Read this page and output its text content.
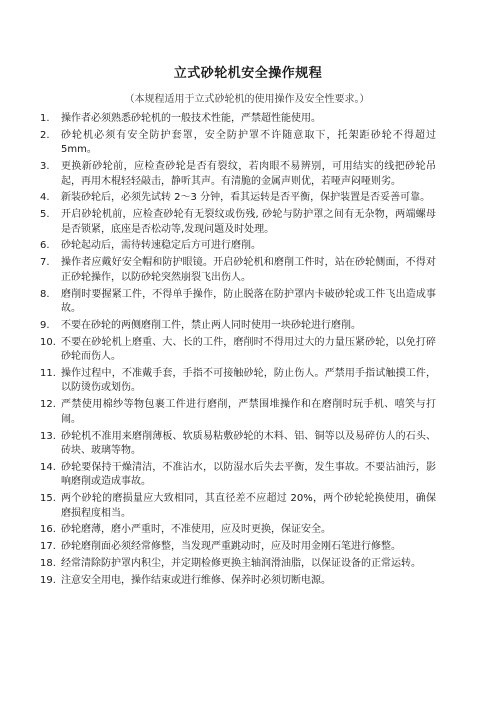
立式砂轮机安全操作规程
（本规程适用于立式砂轮机的使用操作及安全性要求。）
1.	操作者必须熟悉砂轮机的一般技术性能，严禁超性能使用。
2.	砂轮机必须有安全防护套罩，安全防护罩不许随意取下，托架距砂轮不得超过 5mm。
3.	更换新砂轮前，应检查砂轮是否有裂纹，若肉眼不易辨别，可用结实的线把砂轮吊起，再用木棍轻轻敲击，静听其声。有清脆的金属声则优，若哑声闷哑则劣。
4.	新装砂轮后，必须先试转 2～3 分钟，看其运转是否平衡，保护装置是否妥善可靠。
5.	开启砂轮机前，应检查砂轮有无裂纹或伤残, 砂轮与防护罩之间有无杂物，两端螺母是否锁紧，底座是否松动等,发现问题及时处理。
6.	砂轮起动后，需待转速稳定后方可进行磨削。
7.	操作者应戴好安全帽和防护眼镜。开启砂轮机和磨削工件时，站在砂轮侧面，不得对正砂轮操作，以防砂轮突然崩裂飞出伤人。
8.	磨削时要握紧工件，不得单手操作，防止脱落在防护罩内卡破砂轮或工件飞出造成事故。
9.	不要在砂轮的两侧磨削工件，禁止两人同时使用一块砂轮进行磨削。
10. 不要在砂轮机上磨重、大、长的工件，磨削时不得用过大的力量压紧砂轮，以免打碎砂轮而伤人。
11. 操作过程中，不准戴手套，手指不可接触砂轮，防止伤人。严禁用手指试触摸工件，以防烫伤或划伤。
12. 严禁使用棉纱等物包裹工件进行磨削，严禁围堆操作和在磨削时玩手机、嘻笑与打闹。
13. 砂轮机不准用来磨削薄板、软质易粘敷砂轮的木料、铝、铜等以及易碎仿人的石头、砖块、玻璃等物。
14. 砂轮要保持干燥清洁，不准沾水，以防湿水后失去平衡，发生事故。不要沾油污，影响磨削或造成事故。
15. 两个砂轮的磨损量应大致相同，其直径差不应超过 20%，两个砂轮轮换使用，确保磨损程度相当。
16. 砂轮磨薄，磨小严重时，不准使用，应及时更换，保证安全。
17. 砂轮磨削面必须经常修整，当发现严重跳动时，应及时用金刚石笔进行修整。
18. 经常清除防护罩内积尘，并定期检修更换主轴润滑油脂，以保证设备的正常运转。
19. 注意安全用电，操作结束或进行维修、保养时必须切断电源。
